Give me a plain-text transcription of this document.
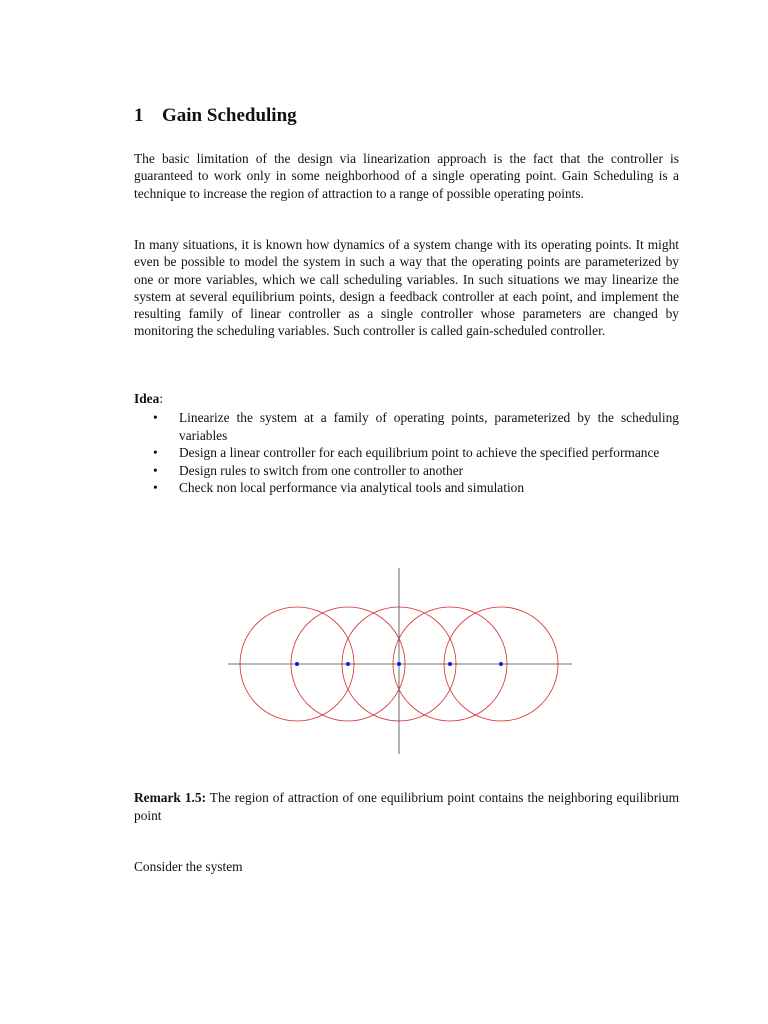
1 Gain Scheduling

The basic limitation of the design via linearization approach is the fact that the controller is guaranteed to work only in some neighborhood of a single operating point. Gain Scheduling is a technique to increase the region of attraction to a range of possible operating points.

In many situations, it is known how dynamics of a system change with its operating points. It might even be possible to model the system in such a way that the operating points are parameterized by one or more variables, which we call scheduling variables. In such situations we may linearize the system at several equilibrium points, design a feedback controller at each point, and implement the resulting family of linear controller as a single controller whose parameters are changed by monitoring the scheduling variables. Such controller is called gain-scheduled controller.

Idea:

• Linearize the system at a family of operating points, parameterized by the scheduling variables
• Design a linear controller for each equilibrium point to achieve the specified performance
• Design rules to switch from one controller to another
• Check non local performance via analytical tools and simulation

Remark 1.5: The region of attraction of one equilibrium point contains the neighboring equilibrium point

Consider the system
